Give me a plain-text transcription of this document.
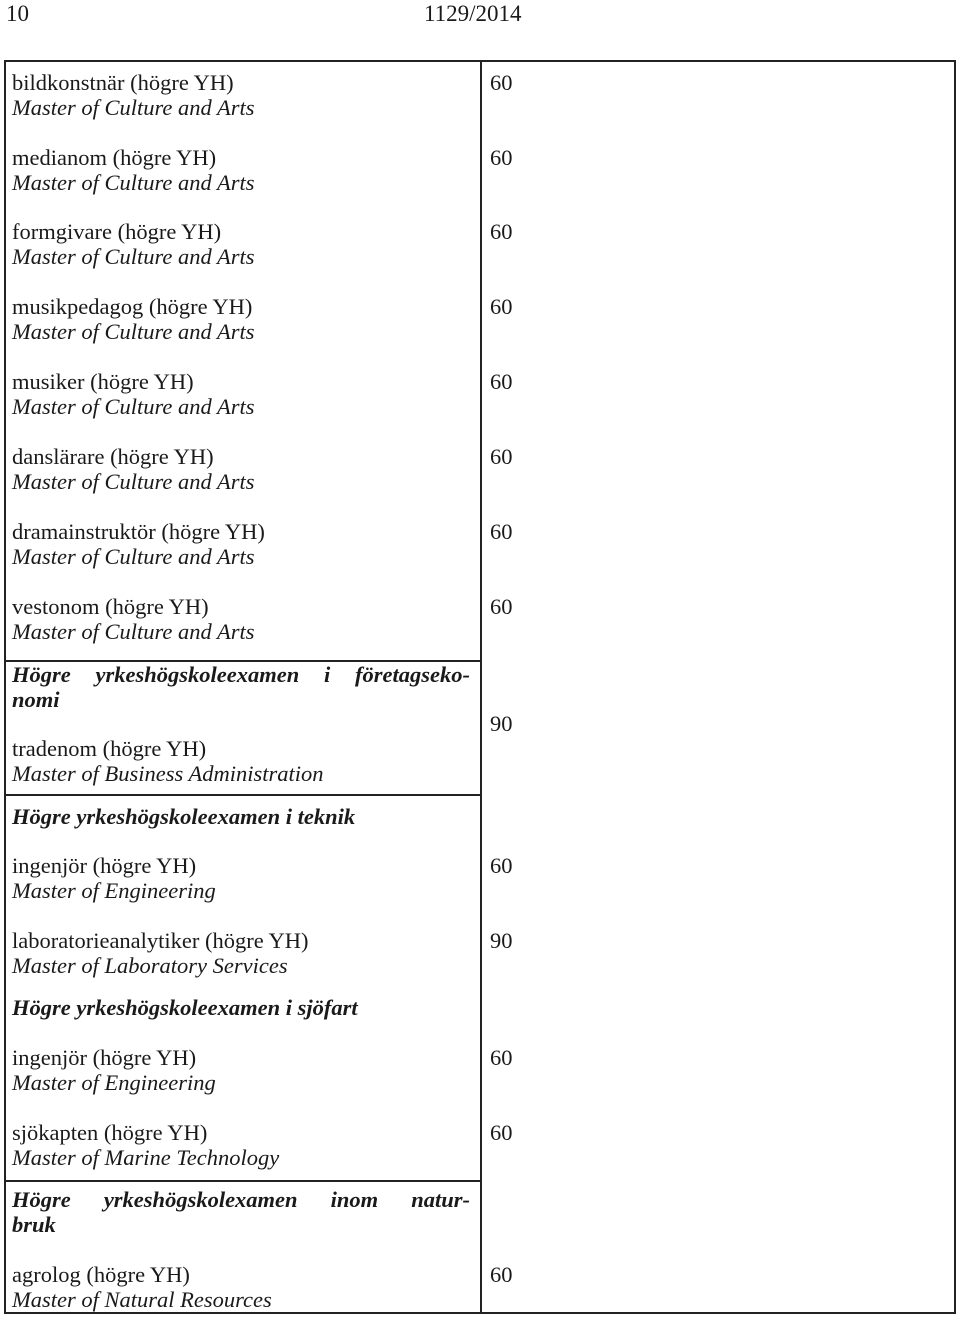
10	1129/2014
bildkonstnär (högre YH)
Master of Culture and Arts
60
medianom (högre YH)
Master of Culture and Arts
60
formgivare (högre YH)
Master of Culture and Arts
60
musikpedagog (högre YH)
Master of Culture and Arts
60
musiker (högre YH)
Master of Culture and Arts
60
danslärare (högre YH)
Master of Culture and Arts
60
dramainstruktör (högre YH)
Master of Culture and Arts
60
vestonom (högre YH)
Master of Culture and Arts
60
Högre yrkeshögskoleexamen i företagseko-
nomi
tradenom (högre YH)
Master of Business Administration
90
Högre yrkeshögskoleexamen i teknik
ingenjör (högre YH)
Master of Engineering
60
laboratorieanalytiker (högre YH)
Master of Laboratory Services
90
Högre yrkeshögskoleexamen i sjöfart
ingenjör (högre YH)
Master of Engineering
60
sjökapten (högre YH)
Master of Marine Technology
60
Högre yrkeshögskolexamen inom natur-
bruk
agrolog (högre YH)
Master of Natural Resources
60
